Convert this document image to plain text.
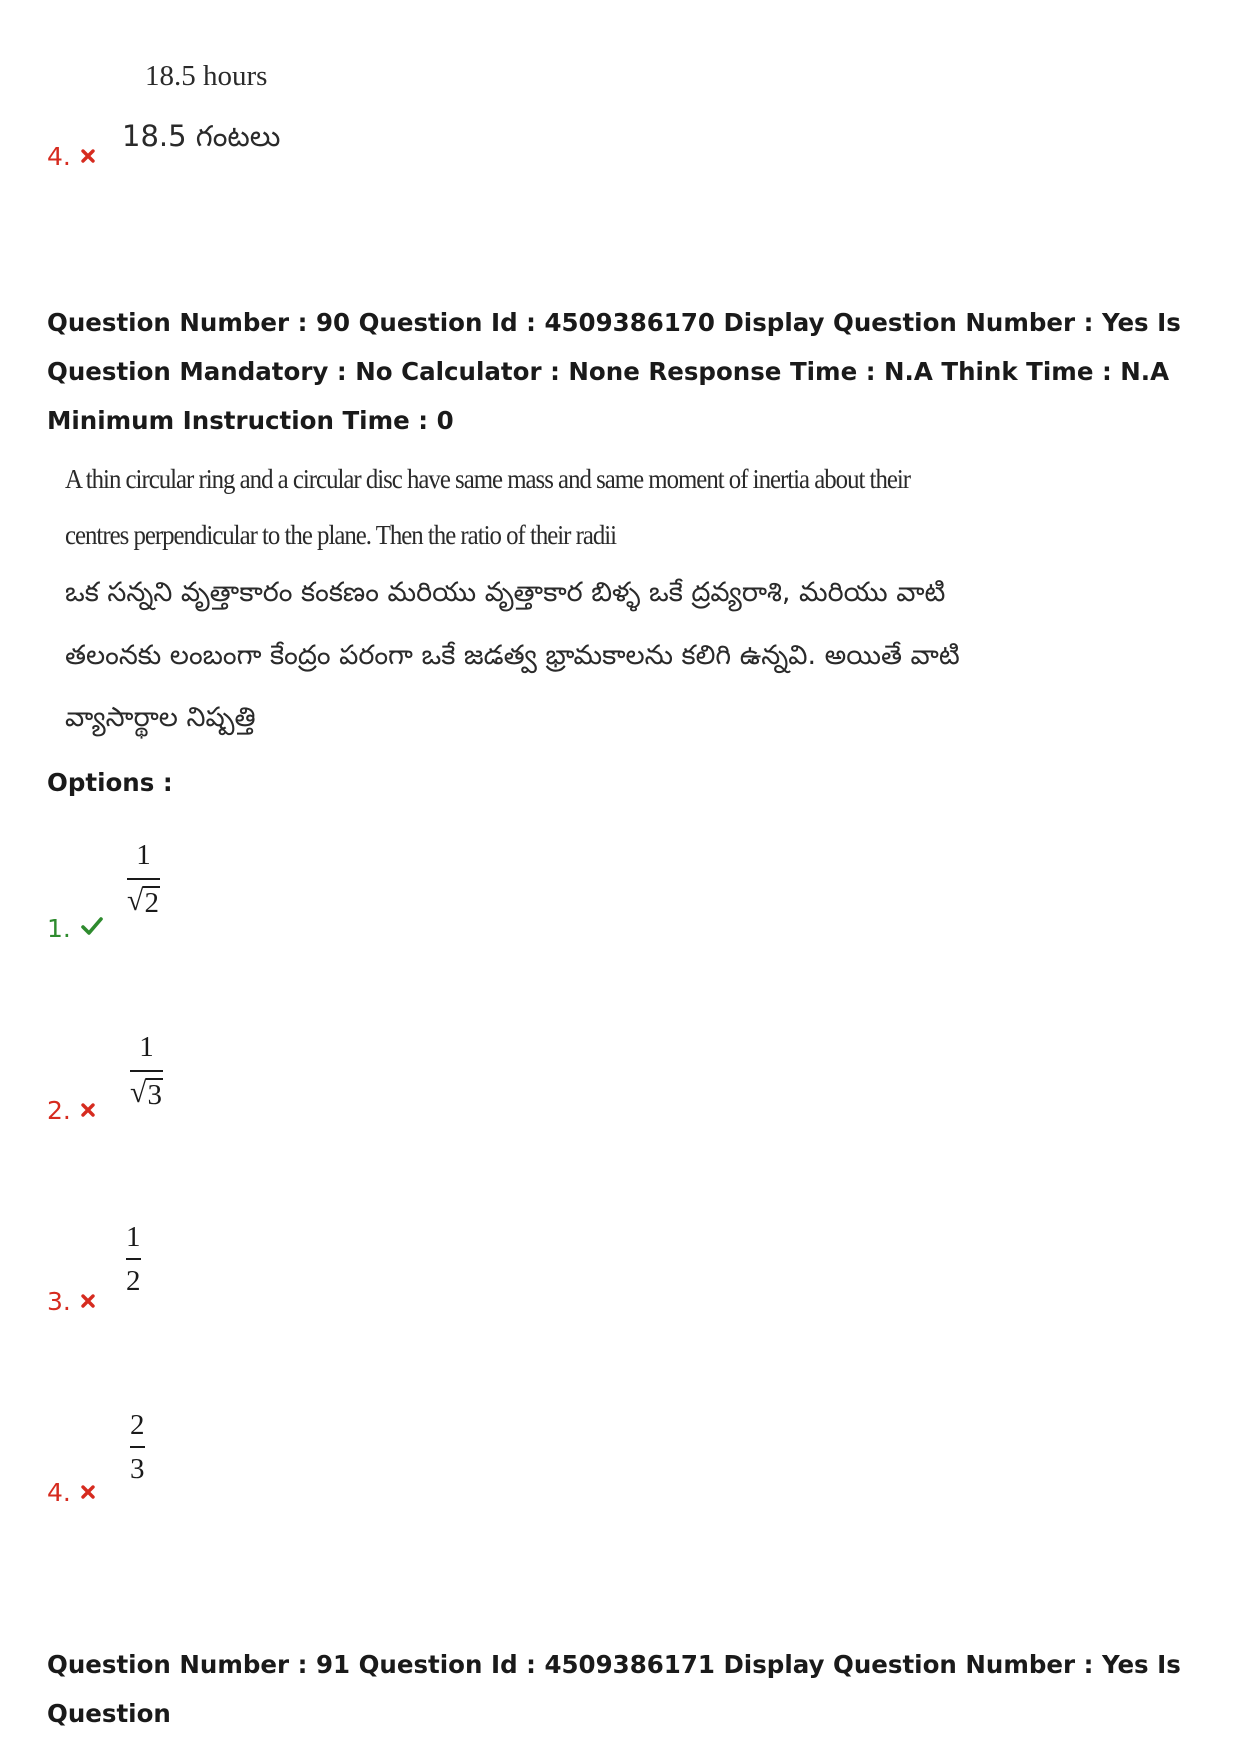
18.5 hours
18.5 గంటలు
4.
Question Number : 90 Question Id : 4509386170 Display Question Number : Yes Is Question Mandatory : No Calculator : None Response Time : N.A Think Time : N.A Minimum Instruction Time : 0
A thin circular ring and a circular disc have same mass and same moment of inertia about their
centres perpendicular to the plane. Then the ratio of their radii
ఒక సన్నని వృత్తాకారం కంకణం మరియు వృత్తాకార బిళ్ళ ఒకే ద్రవ్యరాశి, మరియు వాటి
తలంనకు లంబంగా కేంద్రం పరంగా ఒకే జడత్వ భ్రామకాలను కలిగి ఉన్నవి. అయితే వాటి
వ్యాసార్థాల నిష్పత్తి
Options :
1
√ 2
1.
1
√ 3
2.
1
2
3.
2
3
4.
Question Number : 91 Question Id : 4509386171 Display Question Number : Yes Is Question
